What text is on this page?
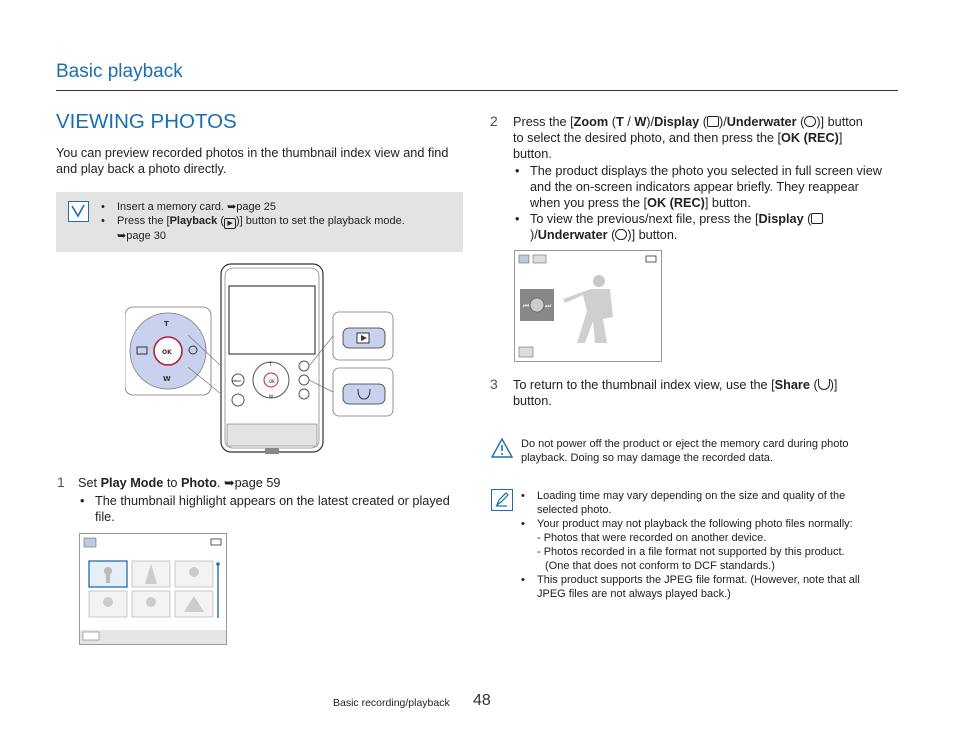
Basic playback
VIEWING PHOTOS
You can preview recorded photos in the thumbnail index view and find and play back a photo directly.
• Insert a memory card. ➥page 25
• Press the [Playback ( ▶ )] button to set the playback mode.
➥page 30
OK
MENU
T
W
T
W
OK
1 Set Play Mode to Photo. ➥page 59
• The thumbnail highlight appears on the latest created or played file.
2 Press the [Zoom (T / W)/Display ( )/Underwater ( )] button
to select the desired photo, and then press the [OK (REC)]
button.
• The product displays the photo you selected in full screen view and the on-screen indicators appear briefly. They reappear when you press the [OK (REC)] button.
• To view the previous/next file, press the [Display ()/Underwater ( )] button.
⏮ ⏭
3 To return to the thumbnail index view, use the [Share ( )]
button.
Do not power off the product or eject the memory card during photo playback. Doing so may damage the recorded data.
• Loading time may vary depending on the size and quality of the selected photo.
• Your product may not playback the following photo files normally:
- Photos that were recorded on another device.
- Photos recorded in a file format not supported by this product.
(One that does not conform to DCF standards.)
• This product supports the JPEG file format. (However, note that all JPEG files are not always played back.)
Basic recording/playback 48
